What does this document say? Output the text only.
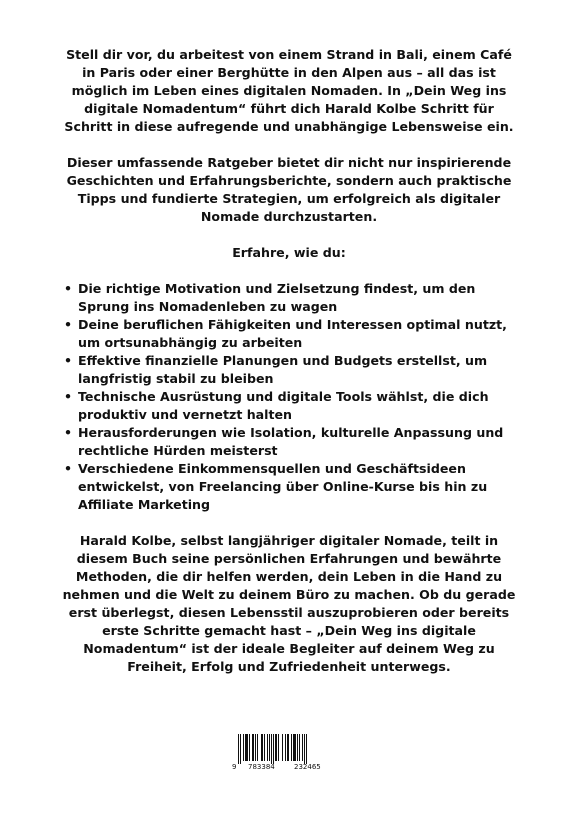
Stell dir vor, du arbeitest von einem Strand in Bali, einem Café in Paris oder einer Berghütte in den Alpen aus – all das ist möglich im Leben eines digitalen Nomaden. In „Dein Weg ins digitale Nomadentum“ führt dich Harald Kolbe Schritt für Schritt in diese aufregende und unabhängige Lebensweise ein.

Dieser umfassende Ratgeber bietet dir nicht nur inspirierende Geschichten und Erfahrungsberichte, sondern auch praktische Tipps und fundierte Strategien, um erfolgreich als digitaler Nomade durchzustarten.

Erfahre, wie du:

• Die richtige Motivation und Zielsetzung findest, um den Sprung ins Nomadenleben zu wagen
• Deine beruflichen Fähigkeiten und Interessen optimal nutzt, um ortsunabhängig zu arbeiten
• Effektive finanzielle Planungen und Budgets erstellst, um langfristig stabil zu bleiben
• Technische Ausrüstung und digitale Tools wählst, die dich produktiv und vernetzt halten
• Herausforderungen wie Isolation, kulturelle Anpassung und rechtliche Hürden meisterst
• Verschiedene Einkommensquellen und Geschäftsideen entwickelst, von Freelancing über Online-Kurse bis hin zu Affiliate Marketing

Harald Kolbe, selbst langjähriger digitaler Nomade, teilt in diesem Buch seine persönlichen Erfahrungen und bewährte Methoden, die dir helfen werden, dein Leben in die Hand zu nehmen und die Welt zu deinem Büro zu machen. Ob du gerade erst überlegst, diesen Lebensstil auszuprobieren oder bereits erste Schritte gemacht hast – „Dein Weg ins digitale Nomadentum“ ist der ideale Begleiter auf deinem Weg zu Freiheit, Erfolg und Zufriedenheit unterwegs.

9 783384	232465
